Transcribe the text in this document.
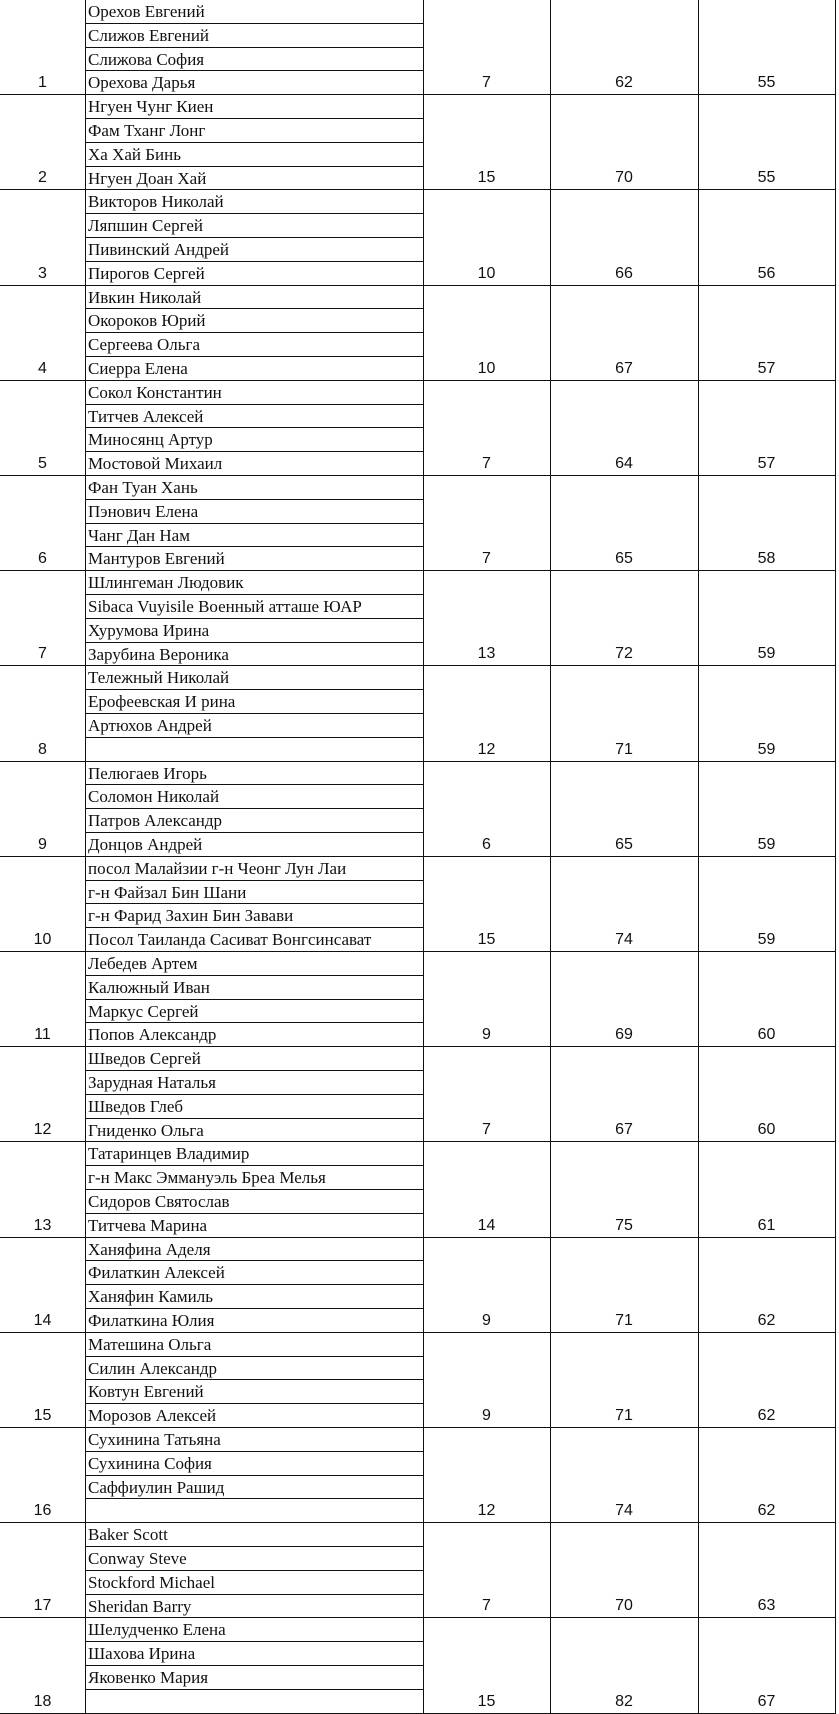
Орехов Евгений
Слижов Евгений
Слижова София
Орехова Дарья
1	7	62	55
Нгуен Чунг Киен
Фам Тханг Лонг
Ха Хай Бинь
Нгуен Доан Хай
2	15	70	55
Викторов Николай
Ляпшин Сергей
Пивинский Андрей
Пирогов Сергей
3	10	66	56
Ивкин Николай
Окороков Юрий
Сергеева Ольга
Сиерра Елена
4	10	67	57
Сокол Константин
Титчев Алексей
Миносянц Артур
Мостовой Михаил
5	7	64	57
Фан Туан Хань
Пэнович Елена
Чанг Дан Нам
Мантуров Евгений
6	7	65	58
Шлингеман Людовик
Sibaca Vuyisile Военный атташе ЮАР
Хурумова Ирина
Зарубина Вероника
7	13	72	59
Тележный Николай
Ерофеевская И рина
Артюхов Андрей
8	12	71	59
Пелюгаев Игорь
Соломон Николай
Патров Александр
Донцов Андрей
9	6	65	59
посол Малайзии г-н Чеонг Лун Лаи
г-н Файзал Бин Шани
г-н Фарид Захин Бин Завави
Посол Таиланда Сасиват Вонгсинсават
10	15	74	59
Лебедев Артем
Калюжный Иван
Маркус Сергей
Попов Александр
11	9	69	60
Шведов Сергей
Зарудная Наталья
Шведов Глеб
Гниденко Ольга
12	7	67	60
Татаринцев Владимир
г-н Макс Эммануэль Бреа Мелья
Сидоров Святослав
Титчева Марина
13	14	75	61
Ханяфина Аделя
Филаткин Алексей
Ханяфин Камиль
Филаткина Юлия
14	9	71	62
Матешина Ольга
Силин Александр
Ковтун Евгений
Морозов Алексей
15	9	71	62
Сухинина Татьяна
Сухинина София
Саффиулин Рашид
16	12	74	62
Baker Scott
Conway Steve
Stockford Michael
Sheridan Barry
17	7	70	63
Шелудченко Елена
Шахова Ирина
Яковенко Мария
18	15	82	67
